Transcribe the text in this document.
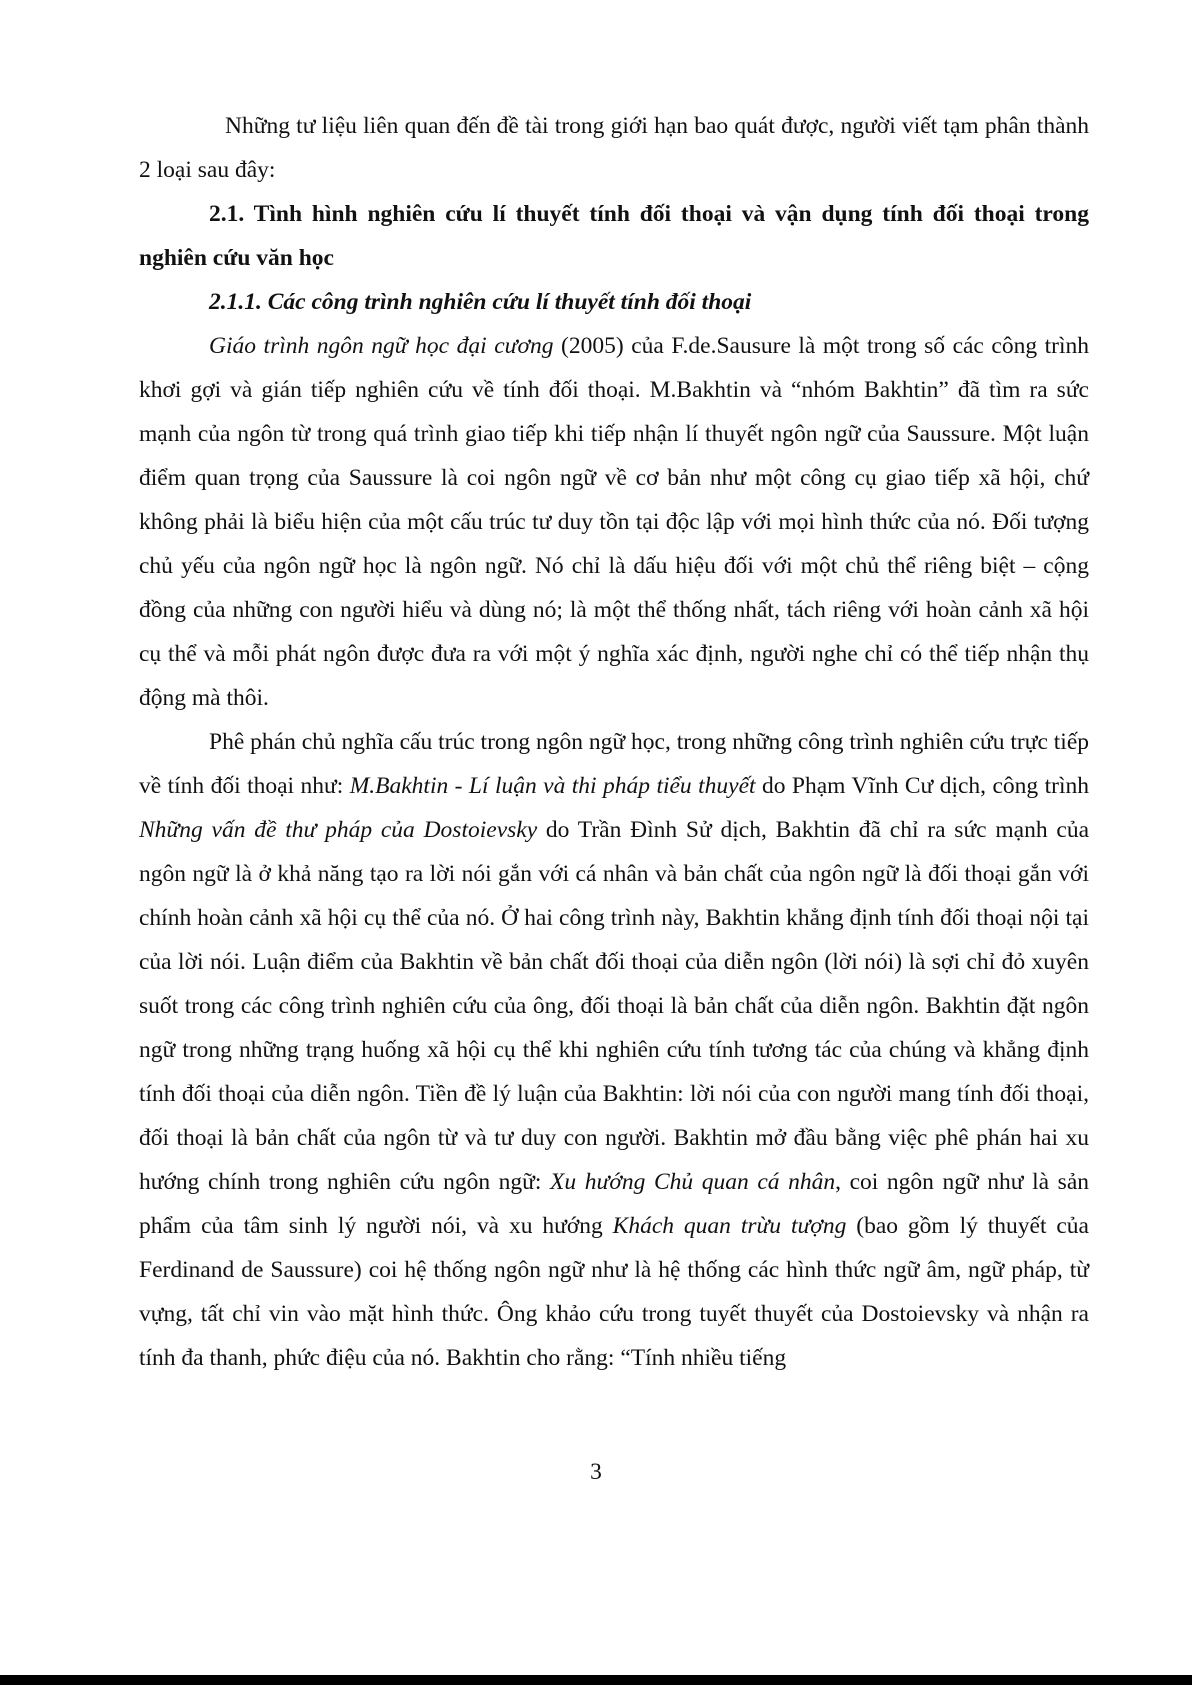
Những tư liệu liên quan đến đề tài trong giới hạn bao quát được, người viết tạm phân thành 2 loại sau đây:

2.1. Tình hình nghiên cứu lí thuyết tính đối thoại và vận dụng tính đối thoại trong nghiên cứu văn học

2.1.1. Các công trình nghiên cứu lí thuyết tính đối thoại

Giáo trình ngôn ngữ học đại cương (2005) của F.de.Sausure là một trong số các công trình khơi gợi và gián tiếp nghiên cứu về tính đối thoại. M.Bakhtin và “nhóm Bakhtin” đã tìm ra sức mạnh của ngôn từ trong quá trình giao tiếp khi tiếp nhận lí thuyết ngôn ngữ của Saussure. Một luận điểm quan trọng của Saussure là coi ngôn ngữ về cơ bản như một công cụ giao tiếp xã hội, chứ không phải là biểu hiện của một cấu trúc tư duy tồn tại độc lập với mọi hình thức của nó. Đối tượng chủ yếu của ngôn ngữ học là ngôn ngữ. Nó chỉ là dấu hiệu đối với một chủ thể riêng biệt – cộng đồng của những con người hiểu và dùng nó; là một thể thống nhất, tách riêng với hoàn cảnh xã hội cụ thể và mỗi phát ngôn được đưa ra với một ý nghĩa xác định, người nghe chỉ có thể tiếp nhận thụ động mà thôi.

Phê phán chủ nghĩa cấu trúc trong ngôn ngữ học, trong những công trình nghiên cứu trực tiếp về tính đối thoại như: M.Bakhtin - Lí luận và thi pháp tiểu thuyết do Phạm Vĩnh Cư dịch, công trình Những vấn đề thư pháp của Dostoievsky do Trần Đình Sử dịch, Bakhtin đã chỉ ra sức mạnh của ngôn ngữ là ở khả năng tạo ra lời nói gắn với cá nhân và bản chất của ngôn ngữ là đối thoại gắn với chính hoàn cảnh xã hội cụ thể của nó. Ở hai công trình này, Bakhtin khẳng định tính đối thoại nội tại của lời nói. Luận điểm của Bakhtin về bản chất đối thoại của diễn ngôn (lời nói) là sợi chỉ đỏ xuyên suốt trong các công trình nghiên cứu của ông, đối thoại là bản chất của diễn ngôn. Bakhtin đặt ngôn ngữ trong những trạng huống xã hội cụ thể khi nghiên cứu tính tương tác của chúng và khẳng định tính đối thoại của diễn ngôn. Tiền đề lý luận của Bakhtin: lời nói của con người mang tính đối thoại, đối thoại là bản chất của ngôn từ và tư duy con người. Bakhtin mở đầu bằng việc phê phán hai xu hướng chính trong nghiên cứu ngôn ngữ: Xu hướng Chủ quan cá nhân, coi ngôn ngữ như là sản phẩm của tâm sinh lý người nói, và xu hướng Khách quan trừu tượng (bao gồm lý thuyết của Ferdinand de Saussure) coi hệ thống ngôn ngữ như là hệ thống các hình thức ngữ âm, ngữ pháp, từ vựng, tất chỉ vin vào mặt hình thức. Ông khảo cứu trong tuyết thuyết của Dostoievsky và nhận ra tính đa thanh, phức điệu của nó. Bakhtin cho rằng: “Tính nhiều tiếng

3
